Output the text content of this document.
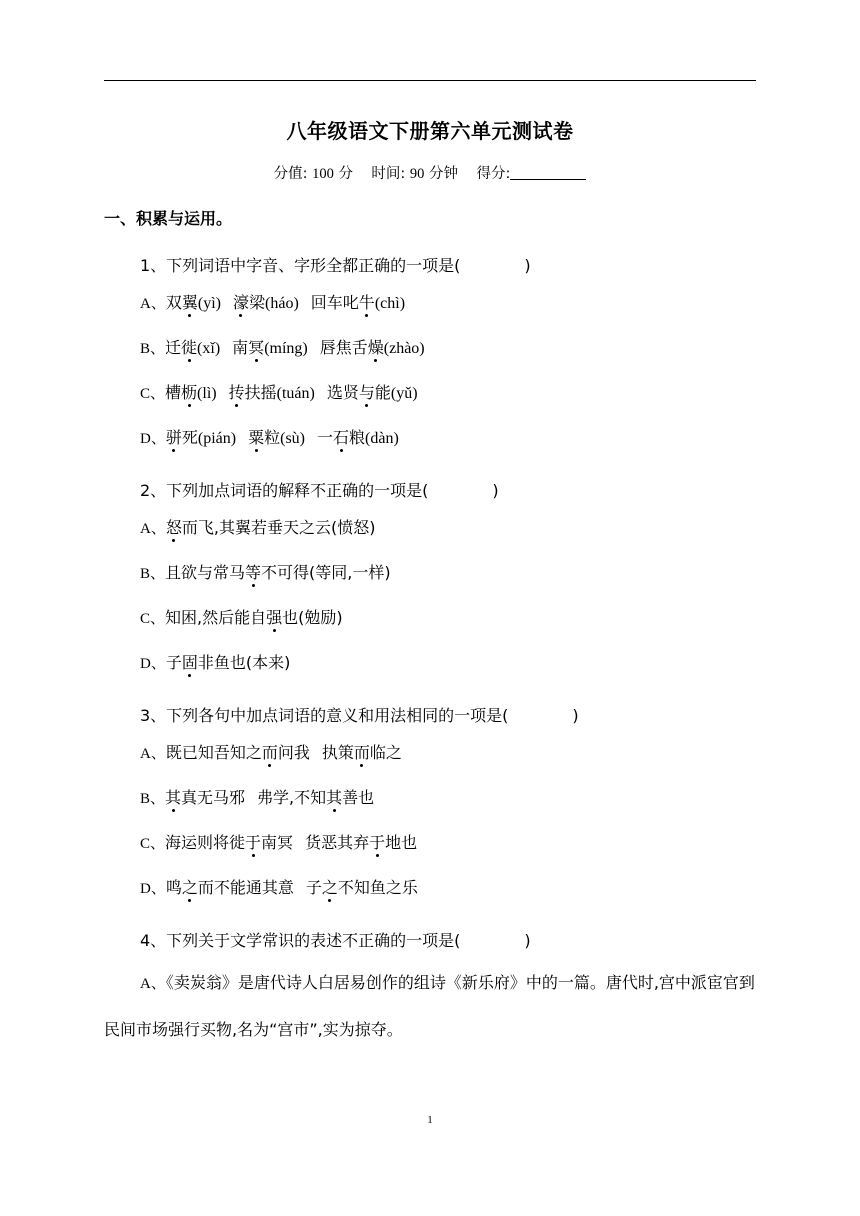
八年级语文下册第六单元测试卷
分值: 100 分 时间: 90 分钟 得分:
一、积累与运用。
1、下列词语中字音、字形全都正确的一项是(　　　　)
A、双翼(yì) 濠梁(háo) 回车叱牛(chì)
B、迁徙(xǐ) 南冥(míng) 唇焦舌燥(zhào)
C、槽枥(lì) 抟扶摇(tuán) 选贤与能(yǔ)
D、骈死(pián) 粟粒(sù) 一石粮(dàn)
2、下列加点词语的解释不正确的一项是(　　　　)
A、怒而飞,其翼若垂天之云(愤怒)
B、且欲与常马等不可得(等同,一样)
C、知困,然后能自强也(勉励)
D、子固非鱼也(本来)
3、下列各句中加点词语的意义和用法相同的一项是(　　　　)
A、既已知吾知之而问我 执策而临之
B、其真无马邪 弗学,不知其善也
C、海运则将徙于南冥 货恶其弃于地也
D、鸣之而不能通其意 子之不知鱼之乐
4、下列关于文学常识的表述不正确的一项是(　　　　)
A、《卖炭翁》是唐代诗人白居易创作的组诗《新乐府》中的一篇。唐代时,宫中派宦官到民间市场强行买物,名为“宫市”,实为掠夺。
1
